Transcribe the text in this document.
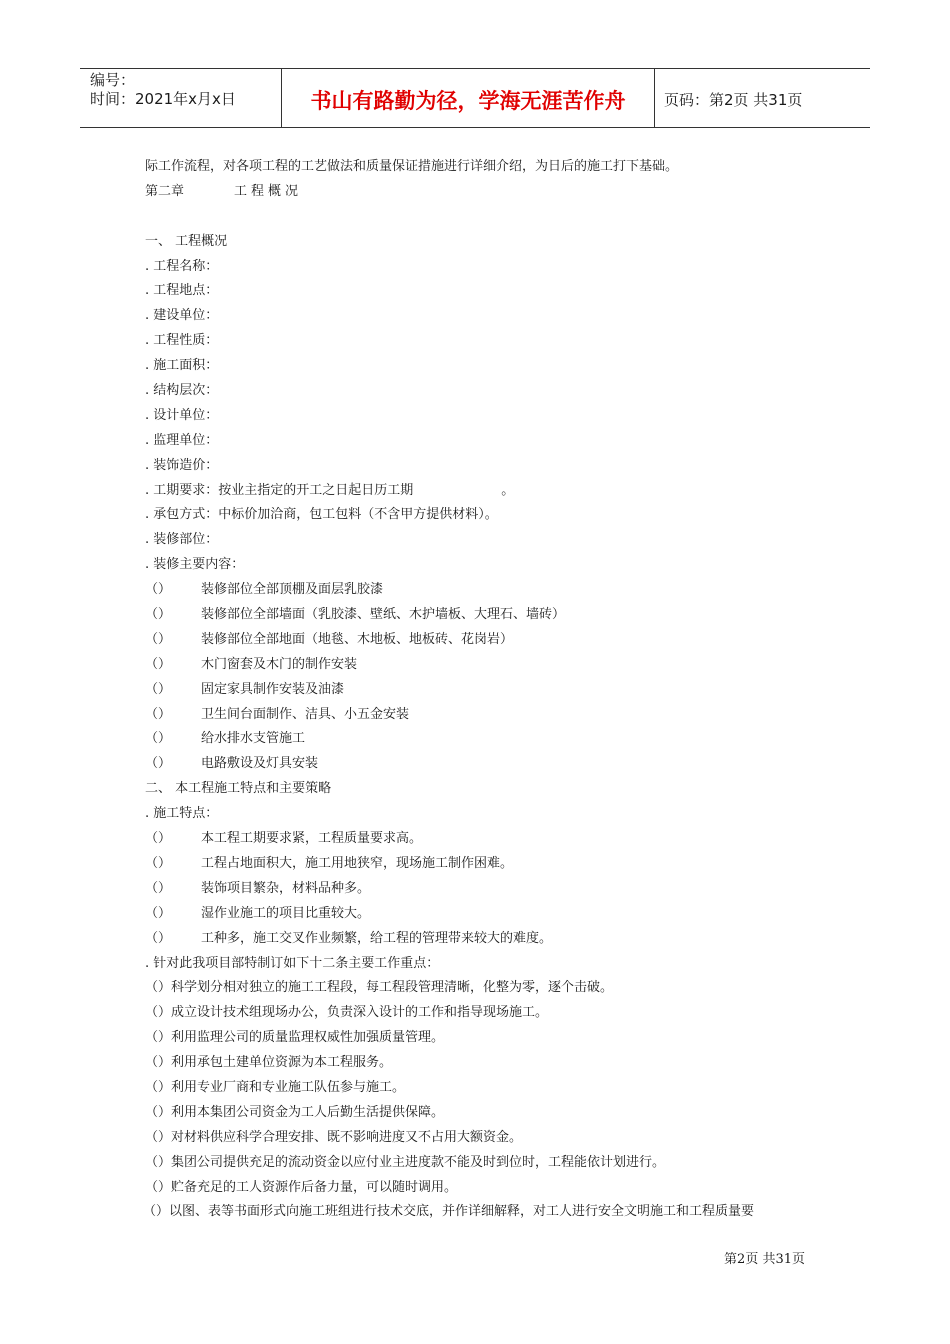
编号：
时间：2021年x月x日	书山有路勤为径，学海无涯苦作舟	页码：第2页 共31页
际工作流程，对各项工程的工艺做法和质量保证措施进行详细介绍，为日后的施工打下基础。
第二章	工程概况
一、 工程概况
. 工程名称：
. 工程地点：
. 建设单位：
. 工程性质：
. 施工面积：
. 结构层次：
. 设计单位：
. 监理单位：
. 装饰造价：
. 工期要求：按业主指定的开工之日起日历工期	。
. 承包方式：中标价加洽商，包工包料（不含甲方提供材料）。
. 装修部位：
. 装修主要内容：
（） 装修部位全部顶棚及面层乳胶漆
（） 装修部位全部墙面（乳胶漆、壁纸、木护墙板、大理石、墙砖）
（） 装修部位全部地面（地毯、木地板、地板砖、花岗岩）
（） 木门窗套及木门的制作安装
（） 固定家具制作安装及油漆
（） 卫生间台面制作、洁具、小五金安装
（） 给水排水支管施工
（） 电路敷设及灯具安装
二、 本工程施工特点和主要策略
. 施工特点：
（） 本工程工期要求紧，工程质量要求高。
（） 工程占地面积大，施工用地狭窄，现场施工制作困难。
（） 装饰项目繁杂，材料品种多。
（） 湿作业施工的项目比重较大。
（） 工种多，施工交叉作业频繁，给工程的管理带来较大的难度。
. 针对此我项目部特制订如下十二条主要工作重点：
（）科学划分相对独立的施工工程段，每工程段管理清晰，化整为零，逐个击破。
（）成立设计技术组现场办公，负责深入设计的工作和指导现场施工。
（）利用监理公司的质量监理权威性加强质量管理。
（）利用承包土建单位资源为本工程服务。
（）利用专业厂商和专业施工队伍参与施工。
（）利用本集团公司资金为工人后勤生活提供保障。
（）对材料供应科学合理安排、既不影响进度又不占用大额资金。
（）集团公司提供充足的流动资金以应付业主进度款不能及时到位时，工程能依计划进行。
（）贮备充足的工人资源作后备力量，可以随时调用。
（）以图、表等书面形式向施工班组进行技术交底，并作详细解释，对工人进行安全文明施工和工程质量要
第2页 共31页
